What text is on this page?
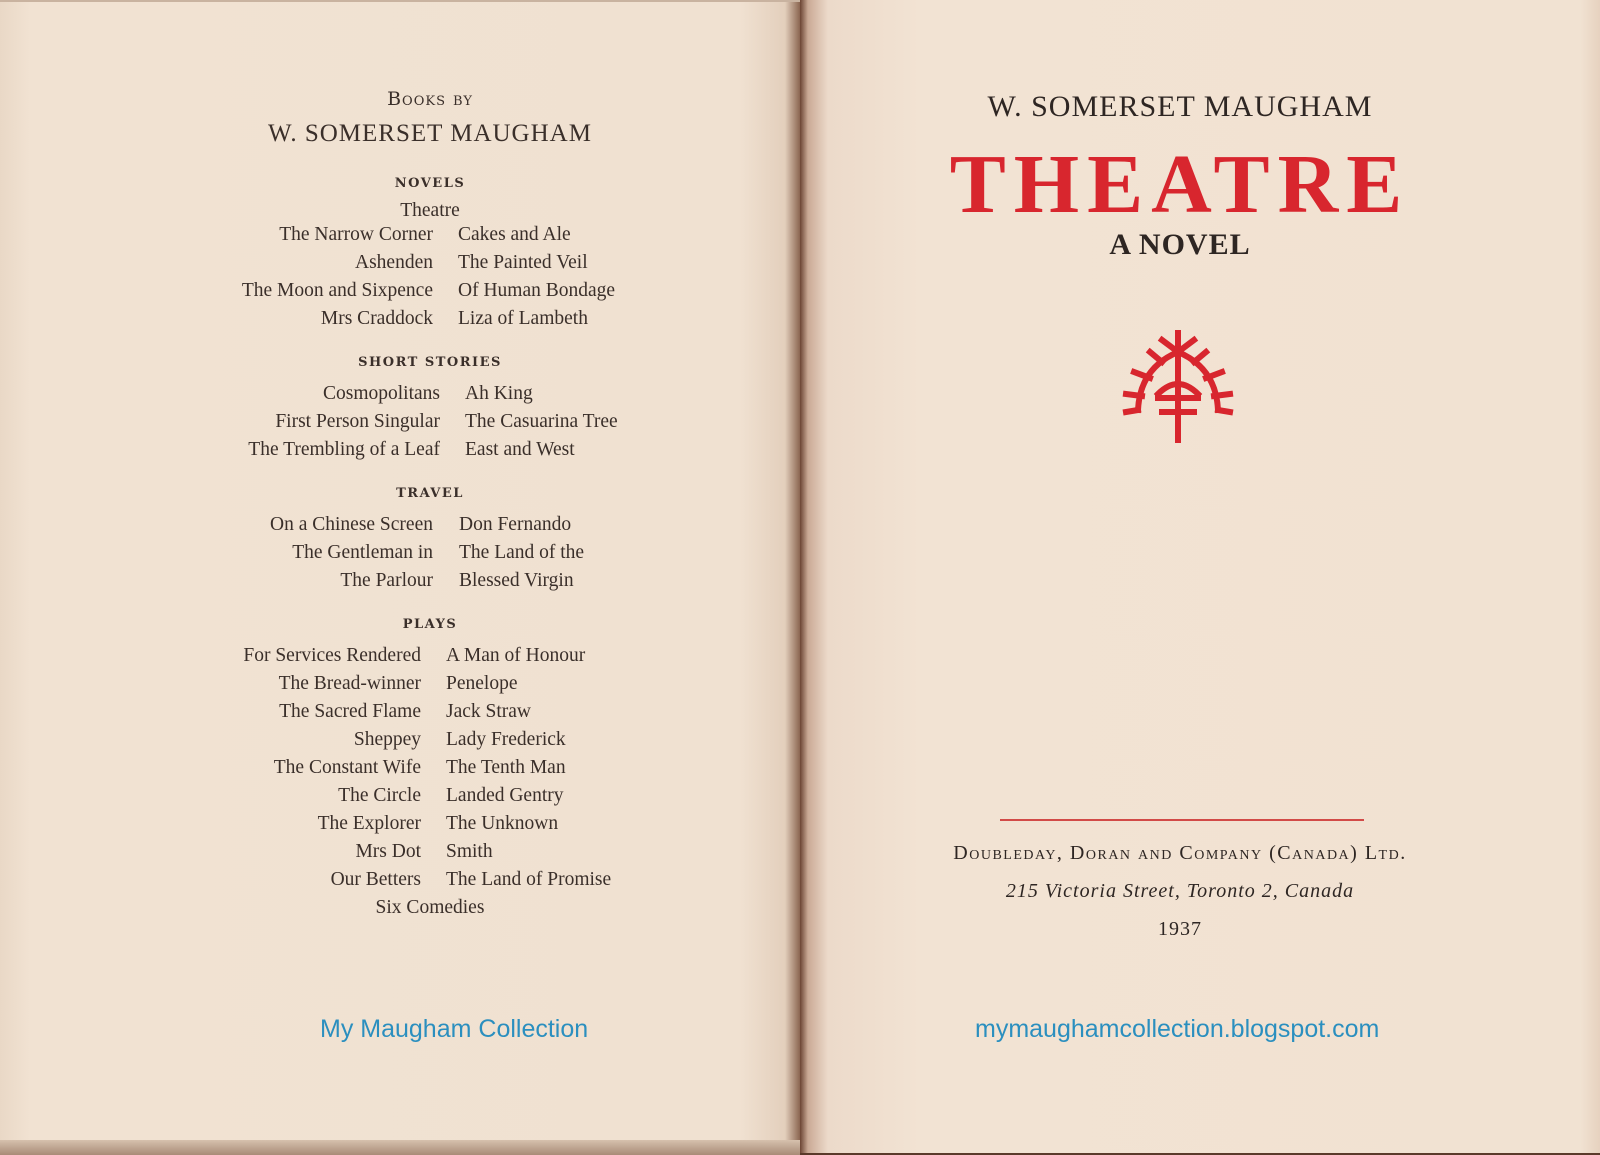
Books by
W. SOMERSET MAUGHAM
NOVELS
Theatre
The Narrow Corner Cakes and Ale
Ashenden The Painted Veil
The Moon and Sixpence Of Human Bondage
Mrs Craddock Liza of Lambeth
SHORT STORIES
Cosmopolitans Ah King
First Person Singular The Casuarina Tree
The Trembling of a Leaf East and West
TRAVEL
On a Chinese Screen Don Fernando
The Gentleman in The Land of the
The Parlour Blessed Virgin
PLAYS
For Services Rendered A Man of Honour
The Bread-winner Penelope
The Sacred Flame Jack Straw
Sheppey Lady Frederick
The Constant Wife The Tenth Man
The Circle Landed Gentry
The Explorer The Unknown
Mrs Dot Smith
Our Betters The Land of Promise
Six Comedies
My Maugham Collection
W. SOMERSET MAUGHAM
THEATRE
A NOVEL
Doubleday, Doran and Company (Canada) Ltd.
215 Victoria Street, Toronto 2, Canada
1937
mymaughamcollection.blogspot.com
